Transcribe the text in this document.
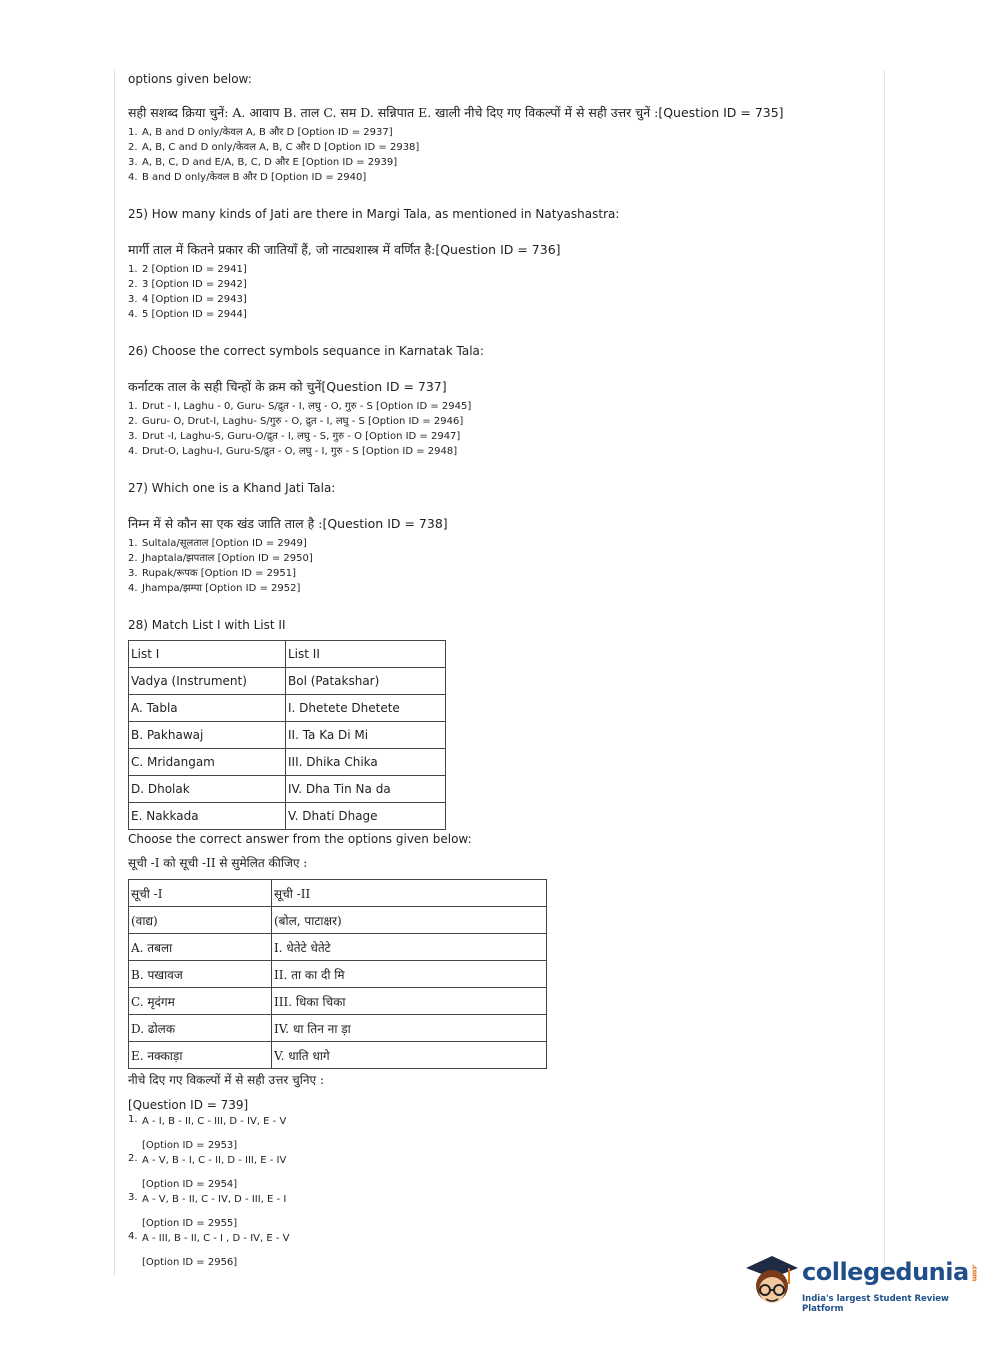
options given below:

सही सशब्द क्रिया चुनें: A. आवाप B. ताल C. सम D. सन्निपात E. खाली नीचे दिए गए विकल्पों में से सही उत्तर चुनें :[Question ID = 735]

1. A, B and D only/केवल A, B और D [Option ID = 2937]
2. A, B, C and D only/केवल A, B, C और D [Option ID = 2938]
3. A, B, C, D and E/A, B, C, D और E [Option ID = 2939]
4. B and D only/केवल B और D [Option ID = 2940]

25) How many kinds of Jati are there in Margi Tala, as mentioned in Natyashastra:

मार्गी ताल में कितने प्रकार की जातियाँ हैं, जो नाट्यशास्त्र में वर्णित है:[Question ID = 736]

1. 2 [Option ID = 2941]
2. 3 [Option ID = 2942]
3. 4 [Option ID = 2943]
4. 5 [Option ID = 2944]

26) Choose the correct symbols sequance in Karnatak Tala:

कर्नाटक ताल के सही चिन्हों के क्रम को चुनें[Question ID = 737]

1. Drut - I, Laghu - 0, Guru- S/द्रुत - I, लघु - O, गुरु - S [Option ID = 2945]
2. Guru- O, Drut-I, Laghu- S/गुरु - O, द्रुत - I, लघु - S [Option ID = 2946]
3. Drut -I, Laghu-S, Guru-O/द्रुत - I, लघु - S, गुरु - O [Option ID = 2947]
4. Drut-O, Laghu-I, Guru-S/द्रुत - O, लघु - I, गुरु - S [Option ID = 2948]

27) Which one is a Khand Jati Tala:

निम्न में से कौन सा एक खंड जाति ताल है :[Question ID = 738]

1. Sultala/सूलताल [Option ID = 2949]
2. Jhaptala/झपताल [Option ID = 2950]
3. Rupak/रूपक [Option ID = 2951]
4. Jhampa/झम्पा [Option ID = 2952]

28) Match List I with List II

List I	List II
Vadya (Instrument)	Bol (Patakshar)
A. Tabla	I. Dhetete Dhetete
B. Pakhawaj	II. Ta Ka Di Mi
C. Mridangam	III. Dhika Chika
D. Dholak	IV. Dha Tin Na da
E. Nakkada	V. Dhati Dhage

Choose the correct answer from the options given below:

सूची -I को सूची -II से सुमेलित कीजिए :

सूची -I	सूची -II
(वाद्य)	(बोल, पाटाक्षर)
A. तबला	I. धेतेटे धेतेटे
B. पखावज	II. ता का दी मि
C. मृदंगम	III. धिका चिका
D. ढोलक	IV. धा तिन ना ड़ा
E. नक्काड़ा	V. धाति धागे

नीचे दिए गए विकल्पों में से सही उत्तर चुनिए :

[Question ID = 739]

1. A - I, B - II, C - III, D - IV, E - V
[Option ID = 2953]
2. A - V, B - I, C - II, D - III, E - IV
[Option ID = 2954]
3. A - V, B - II, C - IV, D - III, E - I
[Option ID = 2955]
4. A - III, B - II, C - I , D - IV, E - V
[Option ID = 2956]	collegedunia .com
India's largest Student Review Platform
